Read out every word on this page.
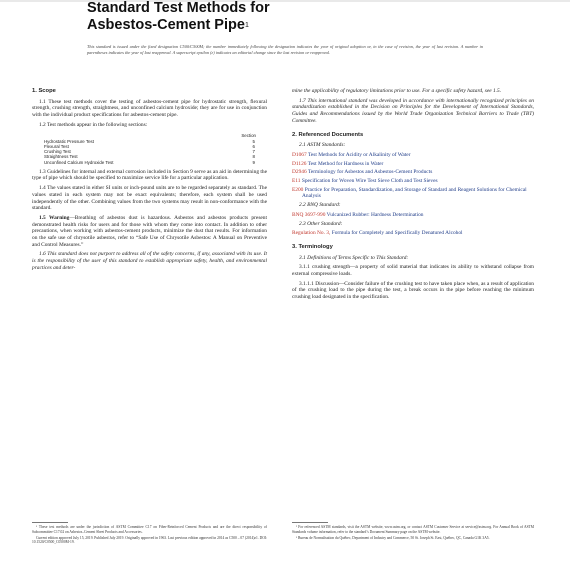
Standard Test Methods for
Asbestos-Cement Pipe$^1$
This standard is issued under the fixed designation C500/C500M; the number immediately following the designation indicates the year of original adoption or, in the case of revision, the year of last revision. A number in parentheses indicates the year of last reapproval. A superscript epsilon (ε) indicates an editorial change since the last revision or reapproval.
1. Scope

1.1 These test methods cover the testing of asbestos-cement pipe for hydrostatic strength, flexural strength, crushing strength, straightness, and unconfined calcium hydroxide; they are for use in conjunction with the individual product specifications for asbestos-cement pipe.

1.2 Test methods appear in the following sections:

	Section
Hydrostatic Pressure Test	5
Flexural Test	6
Crushing Test	7
Straightness Test	8
Unconfined Calcium Hydroxide Test	9

1.3 Guidelines for internal and external corrosion included in Section 9 serve as an aid in determining the type of pipe which should be specified to maximize service life for a particular application.

1.4 The values stated in either SI units or inch-pound units are to be regarded separately as standard. The values stated in each system may not be exact equivalents; therefore, each system shall be used independently of the other. Combining values from the two systems may result in non-conformance with the standard.

1.5 Warning—Breathing of asbestos dust is hazardous. Asbestos and asbestos products present demonstrated health risks for users and for those with whom they come into contact. In addition to other precautions, when working with asbestos-cement products, minimize the dust that results. For information on the safe use of chrysotile asbestos, refer to “Safe Use of Chrysotile Asbestos: A Manual on Preventive and Control Measures.”

1.6 This standard does not purport to address all of the safety concerns, if any, associated with its use. It is the responsibility of the user of this standard to establish appropriate safety, health, and environmental practices and deter-

mine the applicability of regulatory limitations prior to use. For a specific safety hazard, see 1.5.

1.7 This international standard was developed in accordance with internationally recognized principles on standardization established in the Decision on Principles for the Development of International Standards, Guides and Recommendations issued by the World Trade Organization Technical Barriers to Trade (TBT) Committee.

2. Referenced Documents

2.1 ASTM Standards:

D1067 Test Methods for Acidity or Alkalinity of Water
D1126 Test Method for Hardness in Water
D2946 Terminology for Asbestos and Asbestos-Cement Products
E11 Specification for Woven Wire Test Sieve Cloth and Test Sieves
E200 Practice for Preparation, Standardization, and Storage of Standard and Reagent Solutions for Chemical Analysis

2.2 BNQ Standard:

BNQ 3697-990 Vulcanized Rubber: Hardness Determination

2.3 Other Standard:

Regulation No. 3, Formula for Completely and Specifically Denatured Alcohol
3. Terminology

3.1 Definitions of Terms Specific to This Standard:

3.1.1 crushing strength—a property of solid material that indicates its ability to withstand collapse from external compressive loads.

3.1.1.1 Discussion—Consider failure of the crushing test to have taken place when, as a result of application of the crushing load to the pipe during the test, a break occurs in the pipe before reaching the minimum crushing load designated in the specification.

¹ These test methods are under the jurisdiction of ASTM Committee C17 on Fiber-Reinforced Cement Products and are the direct responsibility of Subcommittee C17.02 on Asbestos–Cement Sheet Products and Accessories.

Current edition approved July 15, 2019. Published July 2019. Originally approved in 1963. Last previous edition approved in 2014 as C500 – 07 (2014)ε1. DOI: 10.1520/C0500_C0500M-19.

² For referenced ASTM standards, visit the ASTM website, www.astm.org, or contact ASTM Customer Service at service@astm.org. For Annual Book of ASTM Standards volume information, refer to the standard’s Document Summary page on the ASTM website.

³ Bureau de Normalisation du Québec, Department of Industry and Commerce, 50 St. Joseph St. East, Québec, QC, Canada G1K 3A5.
